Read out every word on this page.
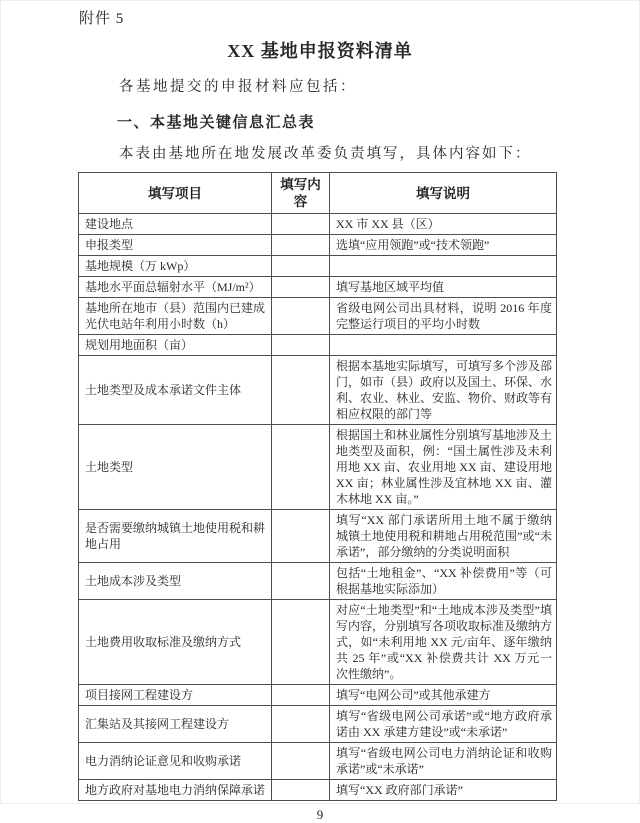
附件 5
XX 基地申报资料清单
各基地提交的申报材料应包括：
一、本基地关键信息汇总表
本表由基地所在地发展改革委负责填写，具体内容如下：
填写项目	填写内容	填写说明
建设地点		XX 市 XX 县（区）
申报类型		选填“应用领跑”或“技术领跑”
基地规模（万 kWp）		
基地水平面总辐射水平（MJ/m²）		填写基地区域平均值
基地所在地市（县）范围内已建成光伏电站年利用小时数（h）		省级电网公司出具材料，说明 2016 年度完整运行项目的平均小时数
规划用地面积（亩）		
土地类型及成本承诺文件主体		根据本基地实际填写，可填写多个涉及部门，如市（县）政府以及国土、环保、水利、农业、林业、安监、物价、财政等有相应权限的部门等
土地类型		根据国土和林业属性分别填写基地涉及土地类型及面积，例：“国土属性涉及未利用地 XX 亩、农业用地 XX 亩、建设用地 XX 亩；林业属性涉及宜林地 XX 亩、灌木林地 XX 亩。”
是否需要缴纳城镇土地使用税和耕地占用		填写“XX 部门承诺所用土地不属于缴纳城镇土地使用税和耕地占用税范围”或“未承诺”，部分缴纳的分类说明面积
土地成本涉及类型		包括“土地租金”、“XX 补偿费用”等（可根据基地实际添加）
土地费用收取标准及缴纳方式		对应“土地类型”和“土地成本涉及类型”填写内容，分别填写各项收取标准及缴纳方式，如“未利用地 XX 元/亩年、逐年缴纳共 25 年”或“XX 补偿费共计 XX 万元一次性缴纳”。
项目接网工程建设方		填写“电网公司”或其他承建方
汇集站及其接网工程建设方		填写“省级电网公司承诺”或“地方政府承诺由 XX 承建方建设”或“未承诺”
电力消纳论证意见和收购承诺		填写“省级电网公司电力消纳论证和收购承诺”或“未承诺”
地方政府对基地电力消纳保障承诺		填写“XX 政府部门承诺”
9
